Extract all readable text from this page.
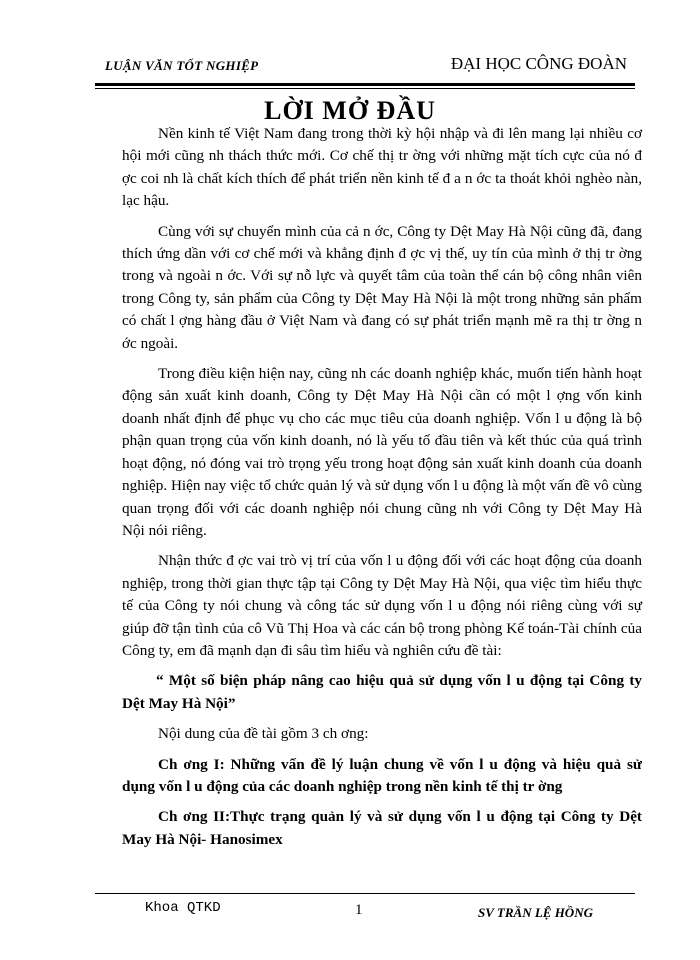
LUẬN VĂN TỐT NGHIỆP	ĐẠI HỌC CÔNG ĐOÀN
LỜI MỞ ĐẦU

Nền kinh tế Việt Nam đang trong thời kỳ hội nhập và đi lên mang lại nhiều cơ hội mới cũng nh thách thức mới. Cơ chế thị tr ờng với những mặt tích cực của nó đ ợc coi nh là chất kích thích để phát triển nền kinh tế đ a n ớc ta thoát khỏi nghèo nàn, lạc hậu.

Cùng với sự chuyển mình của cả n ớc, Công ty Dệt May Hà Nội cũng đã, đang thích ứng dần với cơ chế mới và khẳng định đ ợc vị thế, uy tín của mình ở thị tr ờng trong và ngoài n ớc. Với sự nỗ lực và quyết tâm của toàn thể cán bộ công nhân viên trong Công ty, sản phẩm của Công ty Dệt May Hà Nội là một trong những sản phẩm có chất l ợng hàng đầu ở Việt Nam và đang có sự phát triển mạnh mẽ ra thị tr ờng n ớc ngoài.

Trong điều kiện hiện nay, cũng nh các doanh nghiệp khác, muốn tiến hành hoạt động sản xuất kinh doanh, Công ty Dệt May Hà Nội cần có một l ợng vốn kinh doanh nhất định để phục vụ cho các mục tiêu của doanh nghiệp. Vốn l u động là bộ phận quan trọng của vốn kinh doanh, nó là yếu tố đầu tiên và kết thúc của quá trình hoạt động, nó đóng vai trò trọng yếu trong hoạt động sản xuất kinh doanh của doanh nghiệp. Hiện nay việc tổ chức quản lý và sử dụng vốn l u động là một vấn đề vô cùng quan trọng đối với các doanh nghiệp nói chung cũng nh với Công ty Dệt May Hà Nội nói riêng.

Nhận thức đ ợc vai trò vị trí của vốn l u động đối với các hoạt động của doanh nghiệp, trong thời gian thực tập tại Công ty Dệt May Hà Nội, qua việc tìm hiểu thực tế của Công ty nói chung và công tác sử dụng vốn l u động nói riêng cùng với sự giúp đỡ tận tình của cô Vũ Thị Hoa và các cán bộ trong phòng Kế toán-Tài chính của Công ty, em đã mạnh dạn đi sâu tìm hiểu và nghiên cứu đề tài:

“ Một số biện pháp nâng cao hiệu quả sử dụng vốn l u động tại Công ty Dệt May Hà Nội”

Nội dung của đề tài gồm 3 ch ơng:

Ch ơng I: Những vấn đề lý luận chung về vốn l u động và hiệu quả sử dụng vốn l u động của các doanh nghiệp trong nền kinh tế thị tr ờng

Ch ơng II:Thực trạng quản lý và sử dụng vốn l u động tại Công ty Dệt May Hà Nội- Hanosimex

Khoa QTKD	1	SV TRẦN LỆ HỒNG
